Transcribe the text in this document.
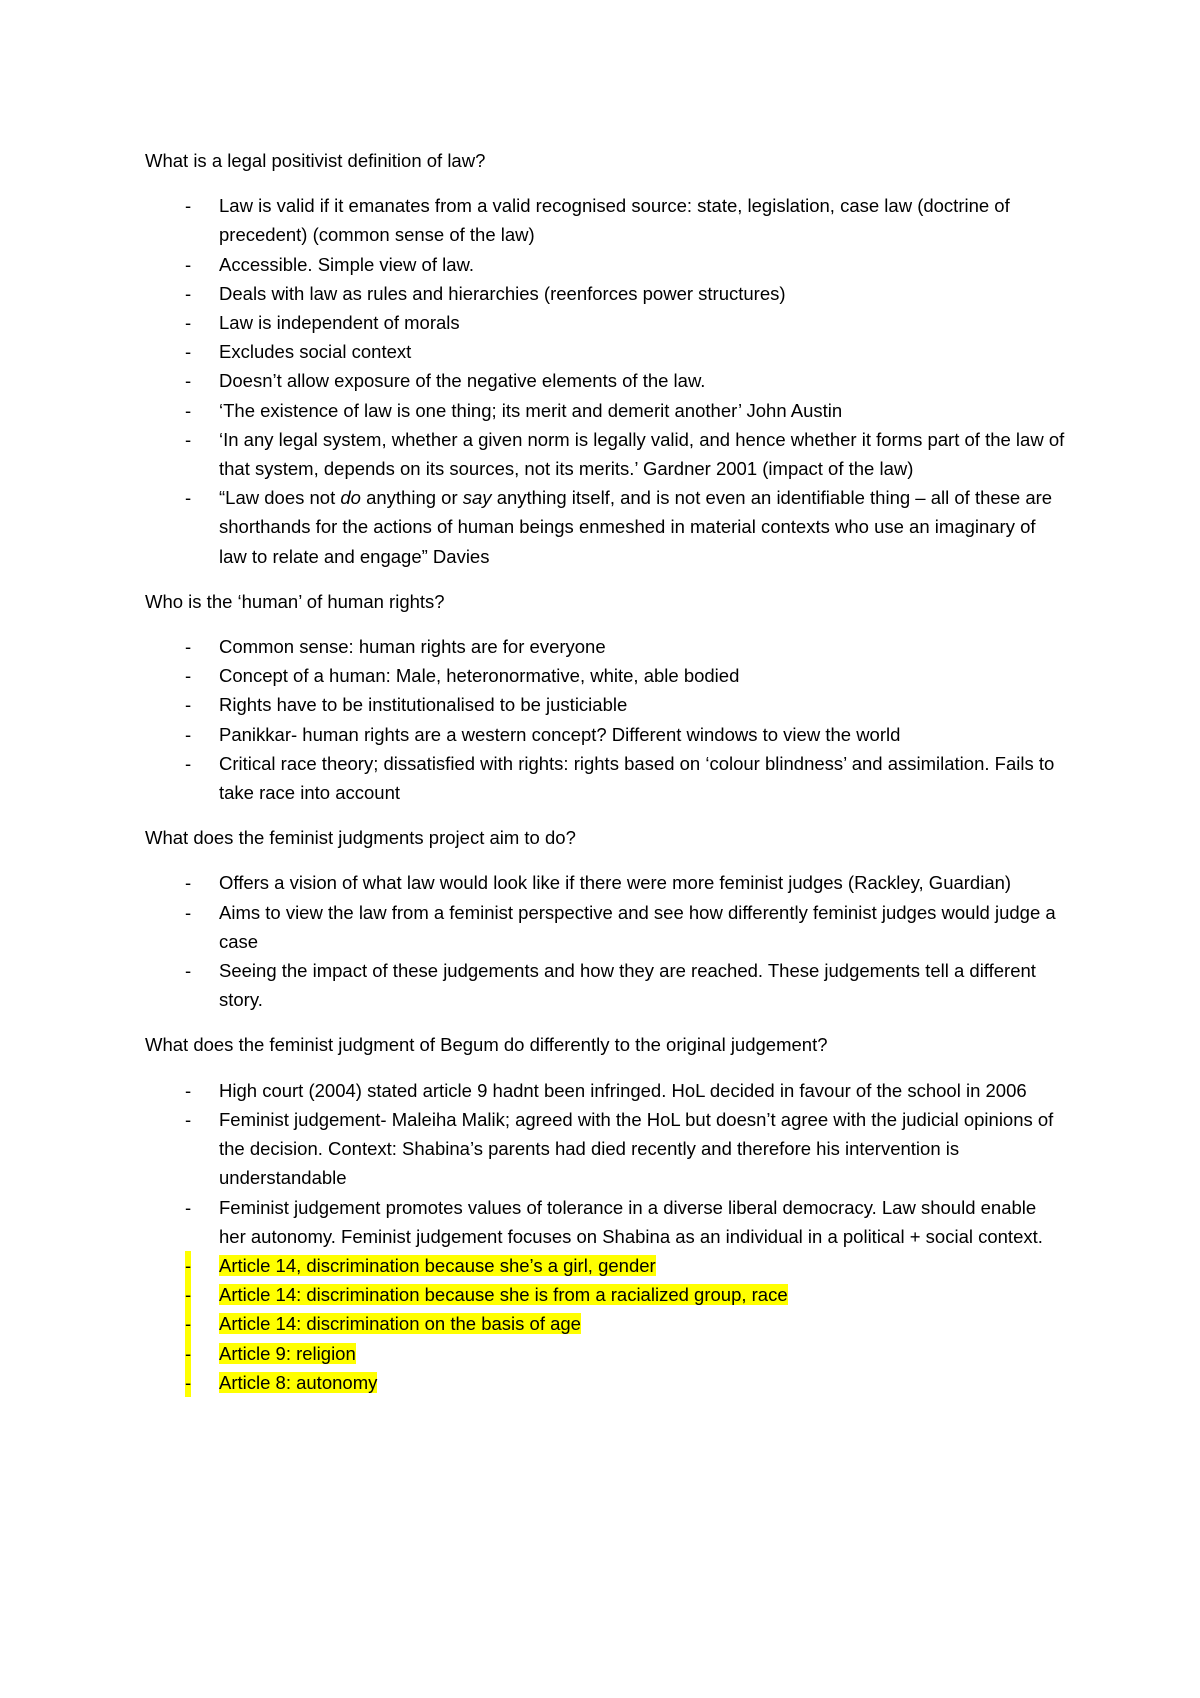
What is a legal positivist definition of law?

- Law is valid if it emanates from a valid recognised source: state, legislation, case law (doctrine of precedent) (common sense of the law)
- Accessible. Simple view of law.
- Deals with law as rules and hierarchies (reenforces power structures)
- Law is independent of morals
- Excludes social context
- Doesn’t allow exposure of the negative elements of the law.
- ‘The existence of law is one thing; its merit and demerit another’ John Austin
- ‘In any legal system, whether a given norm is legally valid, and hence whether it forms part of the law of that system, depends on its sources, not its merits.’ Gardner 2001 (impact of the law)
- “Law does not do anything or say anything itself, and is not even an identifiable thing – all of these are shorthands for the actions of human beings enmeshed in material contexts who use an imaginary of law to relate and engage” Davies

Who is the ‘human’ of human rights?

- Common sense: human rights are for everyone
- Concept of a human: Male, heteronormative, white, able bodied
- Rights have to be institutionalised to be justiciable
- Panikkar- human rights are a western concept? Different windows to view the world
- Critical race theory; dissatisfied with rights: rights based on ‘colour blindness’ and assimilation. Fails to take race into account

What does the feminist judgments project aim to do?

- Offers a vision of what law would look like if there were more feminist judges (Rackley, Guardian)
- Aims to view the law from a feminist perspective and see how differently feminist judges would judge a case
- Seeing the impact of these judgements and how they are reached. These judgements tell a different story.

What does the feminist judgment of Begum do differently to the original judgement?

- High court (2004) stated article 9 hadnt been infringed. HoL decided in favour of the school in 2006
- Feminist judgement- Maleiha Malik; agreed with the HoL but doesn’t agree with the judicial opinions of the decision. Context: Shabina’s parents had died recently and therefore his intervention is understandable
- Feminist judgement promotes values of tolerance in a diverse liberal democracy. Law should enable her autonomy. Feminist judgement focuses on Shabina as an individual in a political + social context.
- Article 14, discrimination because she’s a girl, gender
- Article 14: discrimination because she is from a racialized group, race
- Article 14: discrimination on the basis of age
- Article 9: religion
- Article 8: autonomy
